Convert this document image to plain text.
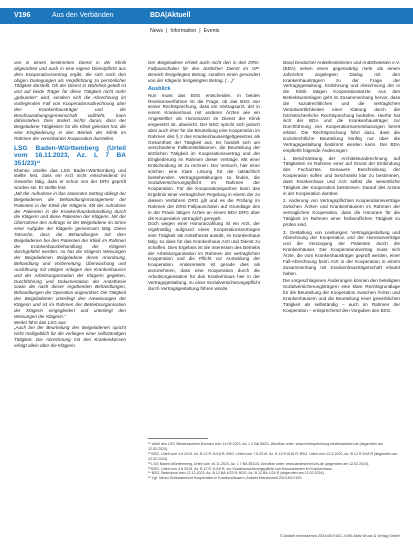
V196	Aus den Verbänden	BDA|Aktuell
News | Information | Events

von in einem bestimmten Dienst in der Klinik abgeordnet und auch in eine eigene Dienstpflicht aus dem Kooperationsvertrag ergibt, die sich nach den obigen Darlegungen als Verpflichtung zu persönlicher Tätigkeit darstellt. Ob der Dienst in Wahrheit geteilt ist und auf beide Träger für diese Tätigkeit nicht mehr „gebunden“ wird, sondern sich die Abrechnung im vorliegenden Fall von Kooperationsabrechnung über den Krankenhausträger und die Berufsausübungsgemeinschaft vollzieht, kann dahinstehen. Dies ändert nichts daran, dass der Beigeladene Tätigkeiten für die Klinik geleistet hat, die eine Eingliederung in den Betrieb der Klinik im Rahmen der vereinbarten Kooperation darstellen.

LSG Baden-Württemberg (Urteil vom 16.11.2023, Az. L 7 BA 351/23)¹¹

Ebenso urteilte das LSG Baden-Württemberg und stellte fest, dass ein Arzt nicht entscheidend im Gewerbe tätig, dass er schon von der DRV geprüft worden sei. Er stellte fest:

„Mit der Aufnahme in das stationäre Setting obliegt der Beigeladenen die Behandlungsmanagement der Patienten in der Klinik der Klägerin. Mit der Aufnahme der Patienten in die Krankenhausbehandlung durch die Klägerin und diese Patienten der Klägerin. Mit der Übernahme des Auftrags ist der Beigeladene im Sinne einer Aufgabe der Klägerin gemeinsam tätig. Diese Tatsache, dass die Behandlungen mit dem Beigeladenen bei den Patienten der Klinik im Rahmen der Krankenhausbehandlung der Klägerin durchgeführt werden, so hat die Klägerin Weisungen der Beigeladenen Beigeladene deren Anordnung, Behandlung und Vorbereitung, Überwachung und Ausführung mit nötigen Anlagen des Krankenhauses und der Arbeitsorganisation der Klägerin gegeben, Durchführung und Dokumentation der Anästhesie sowie die nach dieser ergebenden Behandlungen, Behandlungen der Operation angeordnet. Die Tätigkeit des Beigeladenen unterliegt den Anweisungen der Klägerin und ist im Rahmen der Betriebsorganisation der Klägerin eingegliedert und unterliegt den Weisungen der Klägerin.“

Weiter führt das LSG aus:

„Auch bei der Beurteilung des Beigeladenen spricht nicht maßgeblich für die vorliegen einer selbständigen Tätigkeit. Die Abrechnung mit den Krankenkassen erfolgt allein über die Klägerin.

Der Beigeladene erhielt auch nicht den in den DRG-Fallpauschalen für den ärztlichen Dienst im OP-Bereich festgelegten Betrag, sondern einen gesondert von der Klägerin festgelegten Betrag. (…)“

Ausblick

Nun muss das BSG entscheiden. In beiden Revisionsverfahren ist die Frage, ob das BSG von seiner Rechtsprechung, dass ein Vertragsarzt, der in einem Krankenhaus mit anderen Ärzten wie ein Angestellter als Honorararzt im Dienst der Klinik eingesetzt ist, abweicht. Der BSG spricht sich jedoch aber auch eher für die Beurteilung eine Kooperation im Rahmen des § 2 des Krankenhausentgeltgesetzes als Gesamtheit der Tätigkeit aus. Es handelt sich um verschiedene Fallkonstellationen, die Beurteilung der ärztlichen Tätigkeit im Kooperationsvertrag und der Eingliederung im Rahmen dieser Verträge. Mit einer Entscheidung ist zu rechnen. Der Versuch, hier einer solchen eine klare Lösung für die tatsächlich bestehenden Vertragsgestaltungen zu finden, die Sozialversicherungspflicht im Rahmen der Kooperation. Für die Kooperationspartner kann das Ergebnis einer vertraglichen Regelung in einem der zu diesem Verfahren DRG gilt und es die Prüfung im Rahmen der DRG-Fallpauschalen auf Grundlage des in der Praxis tätigen Arztes an einem BDA DRG über die Kooperation vertraglich geregelt.

Doch wegen einer Honorarzahlung ist ein Arzt, der regelmäßig aufgrund eines Kooperationsvertrages eine Tätigkeit als Anästhesist ausübt, im Krankenhaus tätig, so dass für das Krankenhaus Arzt und Dienst zu schaffen. Dies Ergebnis ist die Interessen des Betriebs der Arbeitsorganisation im Rahmen der vertraglichen Kooperation und die Pflicht zur Anmeldung der Kooperation. Andererseits ist gerade dies als anzunehmen, dass eine Kooperation durch die Arbeitsorganisation für das Krankenhaus hier in der Vertragsgestaltung, zu einer Sozialversicherungspflicht durch Vertragsgestaltung führen würde.

Band Deutscher Anästhesistinnen und Anästhesisten e.V. (BDA) sehen einen gegenwärtig mehr als einem Jahrzehnt angelegten Dialog mit den Krankenhausträgern zu der Frage der Vertragsgestaltung, Entlohnung und Abrechnung der in die Klinik tätigen Kooperationsärzte. Aus den Betriebsunterlagen geht im Zusammenhang hervor, dass die sozialrechtlichen und die vertraglichen Verantwortlichkeiten einer Klärung durch die höchstrichterliche Rechtsprechung bedürfen. Hierfür hat sich der BDA und die Krankenhausträger zur Durchführung von Kooperationsvereinbarungen bereit erklärt. Die Rechtsprechung führt dazu, dass die sozialrechtliche Beurteilung künftig nur über die Vertragsgestaltung bestimmt werden kann. Der BDA empfiehlt folgende Änderungen:

1. Beschränkung der Architekturabrechnung auf Tätigkeiten im Rahmen einer auf Grund der Einbindung des Facharztes. Genauere Beschreibung der Kooperation sollen und beschränkt klar zu bestimmen, dass Krankenhaus und Arzt selbst die wesentliche Tätigkeit der Kooperation bestimmen. Darauf des Arztes in der Kooperation darüber.

2. Anderung von Vertragspflichten Kooperationsverträge zwischen Ärzten und Krankenhäusern im Rahmen der vertraglichen Kooperation, dass die Honorare für die Tätigkeit im Rahmen einer freiberuflichen Tätigkeit zu prüfen sind.

3. Gestaltung von Leistungen: Vertragsgestaltung und Abrechnung der Kooperation und der Honorarverträge und die Versorgung der Patienten durch die Krankenhäuser. Der Kooperationsvertrag muss sich Ärzte, die vom Krankenhausträger geprüft werden, einer Fall-Abrechnung beim Arzt in der Kooperation in einem Zusammenhang mit Krankenhausträgerschaft erlaubt haben.

Die vorgeschlagenen Änderungen können den beteiligten Sozialversicherungsträgern eine klare Rechtsgrundlage für die Beurteilung der Kooperation zwischen Ärzten und Krankenhäusern und die Beurteilung einer gewerblichen Tätigkeit als selbständig – auch im Rahmen der Kooperation – entsprechend den Vorgaben des BSG.

¹⁰ Urteil des LSG Niedersachsen-Bremen vom 14.09.2023, Az. L 2 BA 59/21. Abrufbar unter: www.rechtsprechung.niedersachsen.de (abgerufen am 12.02.2024).

¹¹ BSG, Urteil vom 4.6.2019, Az. B 12 R 11/18 R; BSG, Urteil vom 7.6.2019, Az. B 12 R 6/18 R; BSG, Urteil vom 22.4.2020, Az. B 12 R 5/18 R (abgerufen am 12.02.2024).

¹² LSG Baden-Württemberg, Urteil vom 16.11.2023, Az. L 7 BA 351/23. Abrufbar unter: www.landesrecht-bw.de (abgerufen am 12.02.2024).

¹³ BSG, Urteil vom 4.6.2019, Az. B 12 R 11/18 R; zur Sozialversicherungspflicht von Honorarärzten im Krankenhaus.

¹⁴ BSG, Beschluss vom 12.12.2023, Az. B 12 BA 4/23 R; BSG, Az. B 12 BA 1/24 R (abgerufen am 12.02.2024).

¹⁵ Vgl. hierzu Schlussbericht Kooperation in Krankenhäusern, Anästh Intensivmed 2023;64:V100.

© Anästh Intensivmed 2024;65:V192–V196 Aktiv Druck & Verlag GmbH
